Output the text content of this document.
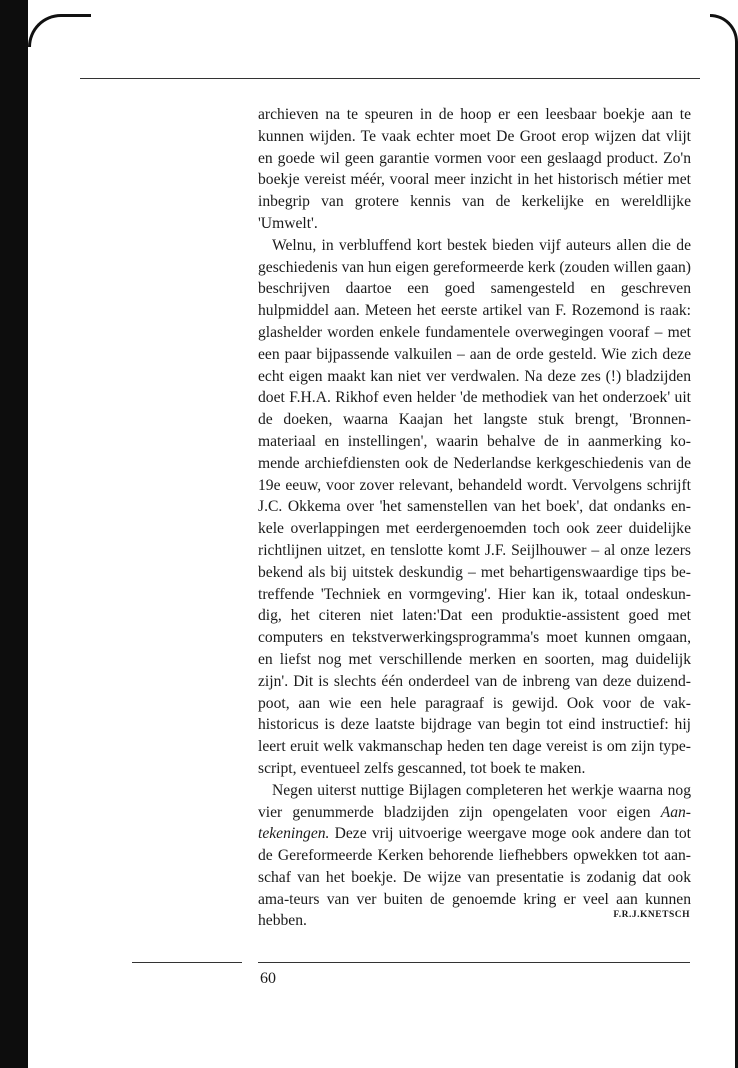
archieven na te speuren in de hoop er een leesbaar boekje aan te kunnen wijden. Te vaak echter moet De Groot erop wijzen dat vlijt en goede wil geen garantie vormen voor een geslaagd product. Zo'n boekje vereist méér, vooral meer inzicht in het historisch métier met inbegrip van grotere kennis van de kerkelijke en wereldlijke 'Umwelt'.

Welnu, in verbluffend kort bestek bieden vijf auteurs allen die de geschiedenis van hun eigen gereformeerde kerk (zouden willen gaan) beschrijven daartoe een goed samengesteld en geschreven hulpmiddel aan. Meteen het eerste artikel van F. Rozemond is raak: glashelder worden enkele fundamentele overwegingen vooraf – met een paar bijpassende valkuilen – aan de orde gesteld. Wie zich deze echt eigen maakt kan niet ver verdwalen. Na deze zes (!) bladzijden doet F.H.A. Rikhof even helder 'de methodiek van het onderzoek' uit de doeken, waarna Kaajan het langste stuk brengt, 'Bronnen-materiaal en instellingen', waarin behalve de in aanmerking ko-mende archiefdiensten ook de Nederlandse kerkgeschiedenis van de 19e eeuw, voor zover relevant, behandeld wordt. Vervolgens schrijft J.C. Okkema over 'het samenstellen van het boek', dat ondanks en-kele overlappingen met eerdergenoemden toch ook zeer duidelijke richtlijnen uitzet, en tenslotte komt J.F. Seijlhouwer – al onze lezers bekend als bij uitstek deskundig – met behartigenswaardige tips be-treffende 'Techniek en vormgeving'. Hier kan ik, totaal ondeskun-dig, het citeren niet laten:'Dat een produktie-assistent goed met computers en tekstverwerkingsprogramma's moet kunnen omgaan, en liefst nog met verschillende merken en soorten, mag duidelijk zijn'. Dit is slechts één onderdeel van de inbreng van deze duizend-poot, aan wie een hele paragraaf is gewijd. Ook voor de vak-historicus is deze laatste bijdrage van begin tot eind instructief: hij leert eruit welk vakmanschap heden ten dage vereist is om zijn type-script, eventueel zelfs gescanned, tot boek te maken.

Negen uiterst nuttige Bijlagen completeren het werkje waarna nog vier genummerde bladzijden zijn opengelaten voor eigen Aan-tekeningen. Deze vrij uitvoerige weergave moge ook andere dan tot de Gereformeerde Kerken behorende liefhebbers opwekken tot aan-schaf van het boekje. De wijze van presentatie is zodanig dat ook ama-teurs van ver buiten de genoemde kring er veel aan kunnen hebben.	F.R.J.KNETSCH
60
